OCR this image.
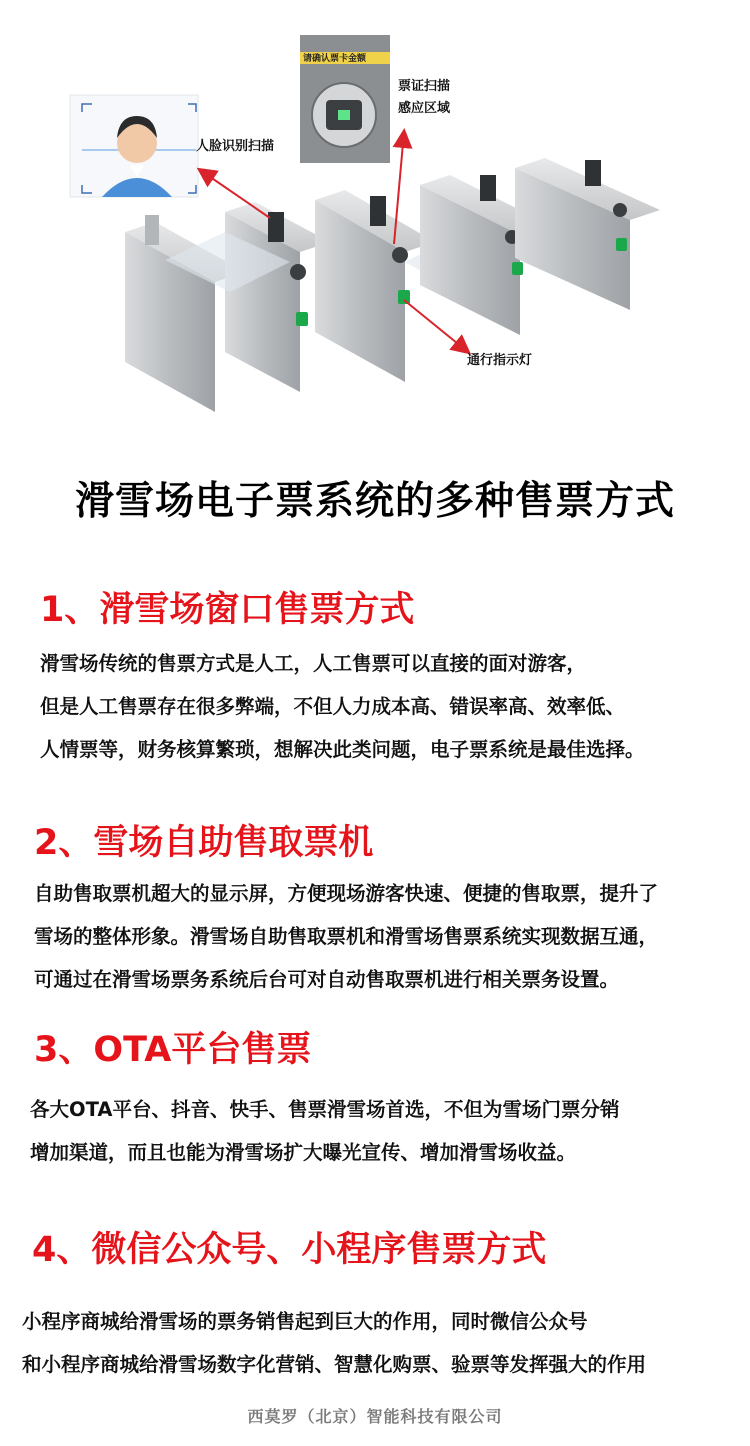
请确认票卡金额
人脸识别扫描
票证扫描
感应区域
通行指示灯
滑雪场电子票系统的多种售票方式
1、滑雪场窗口售票方式
滑雪场传统的售票方式是人工，人工售票可以直接的面对游客，
但是人工售票存在很多弊端，不但人力成本高、错误率高、效率低、
人情票等，财务核算繁琐，想解决此类问题，电子票系统是最佳选择。
2、雪场自助售取票机
自助售取票机超大的显示屏，方便现场游客快速、便捷的售取票，提升了
雪场的整体形象。滑雪场自助售取票机和滑雪场售票系统实现数据互通，
可通过在滑雪场票务系统后台可对自动售取票机进行相关票务设置。
3、OTA平台售票
各大OTA平台、抖音、快手、售票滑雪场首选，不但为雪场门票分销
增加渠道，而且也能为滑雪场扩大曝光宣传、增加滑雪场收益。
4、微信公众号、小程序售票方式
小程序商城给滑雪场的票务销售起到巨大的作用，同时微信公众号
和小程序商城给滑雪场数字化营销、智慧化购票、验票等发挥强大的作用
西莫罗（北京）智能科技有限公司
